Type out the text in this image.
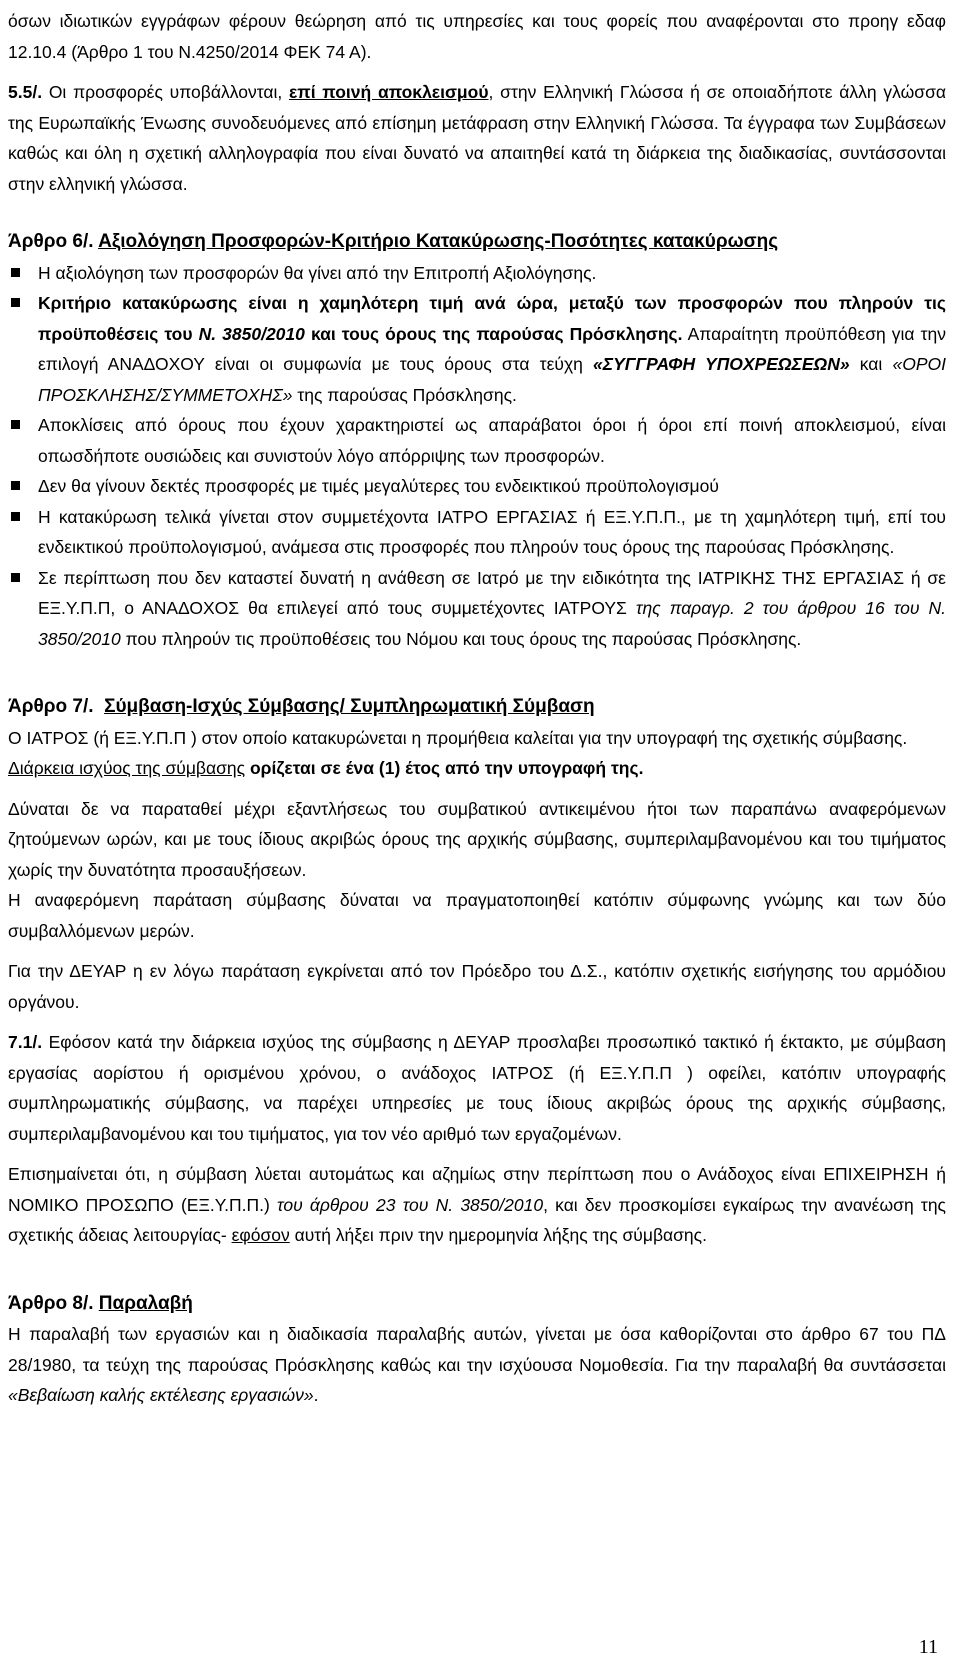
όσων ιδιωτικών εγγράφων φέρουν θεώρηση από τις υπηρεσίες και τους φορείς που αναφέρονται στο προηγ εδαφ 12.10.4 (Άρθρο 1 του Ν.4250/2014 ΦΕΚ 74 Α).

5.5/. Οι προσφορές υποβάλλονται, επί ποινή αποκλεισμού, στην Ελληνική Γλώσσα ή σε οποιαδήποτε άλλη γλώσσα της Ευρωπαϊκής Ένωσης συνοδευόμενες από επίσημη μετάφραση στην Ελληνική Γλώσσα. Τα έγγραφα των Συμβάσεων καθώς και όλη η σχετική αλληλογραφία που είναι δυνατό να απαιτηθεί κατά τη διάρκεια της διαδικασίας, συντάσσονται στην ελληνική γλώσσα.

Άρθρο 6/. Αξιολόγηση Προσφορών-Κριτήριο Κατακύρωσης-Ποσότητες κατακύρωσης

Η αξιολόγηση των προσφορών θα γίνει από την Επιτροπή Αξιολόγησης.
Κριτήριο κατακύρωσης είναι η χαμηλότερη τιμή ανά ώρα, μεταξύ των προσφορών που πληρούν τις προϋποθέσεις του Ν. 3850/2010 και τους όρους της παρούσας Πρόσκλησης. Απαραίτητη προϋπόθεση για την επιλογή ΑΝΑΔΟΧΟΥ είναι οι συμφωνία με τους όρους στα τεύχη «ΣΥΓΓΡΑΦΗ ΥΠΟΧΡΕΩΣΕΩΝ» και «ΟΡΟΙ ΠΡΟΣΚΛΗΣΗΣ/ΣΥΜΜΕΤΟΧΗΣ» της παρούσας Πρόσκλησης.
Αποκλίσεις από όρους που έχουν χαρακτηριστεί ως απαράβατοι όροι ή όροι επί ποινή αποκλεισμού, είναι οπωσδήποτε ουσιώδεις και συνιστούν λόγο απόρριψης των προσφορών.
Δεν θα γίνουν δεκτές προσφορές με τιμές μεγαλύτερες του ενδεικτικού προϋπολογισμού
Η κατακύρωση τελικά γίνεται στον συμμετέχοντα ΙΑΤΡΟ ΕΡΓΑΣΙΑΣ ή ΕΞ.Υ.Π.Π., με τη χαμηλότερη τιμή, επί του ενδεικτικού προϋπολογισμού, ανάμεσα στις προσφορές που πληρούν τους όρους της παρούσας Πρόσκλησης.
Σε περίπτωση που δεν καταστεί δυνατή η ανάθεση σε Ιατρό με την ειδικότητα της ΙΑΤΡΙΚΗΣ ΤΗΣ ΕΡΓΑΣΙΑΣ ή σε ΕΞ.Υ.Π.Π, ο ΑΝΑΔΟΧΟΣ θα επιλεγεί από τους συμμετέχοντες ΙΑΤΡΟΥΣ της παραγρ. 2 του άρθρου 16 του Ν. 3850/2010 που πληρούν τις προϋποθέσεις του Νόμου και τους όρους της παρούσας Πρόσκλησης.

Άρθρο 7/. Σύμβαση-Ισχύς Σύμβασης/ Συμπληρωματική Σύμβαση

Ο ΙΑΤΡΟΣ (ή ΕΞ.Υ.Π.Π ) στον οποίο κατακυρώνεται η προμήθεια καλείται για την υπογραφή της σχετικής σύμβασης.

Διάρκεια ισχύος της σύμβασης ορίζεται σε ένα (1) έτος από την υπογραφή της.

Δύναται δε να παραταθεί μέχρι εξαντλήσεως του συμβατικού αντικειμένου ήτοι των παραπάνω αναφερόμενων ζητούμενων ωρών, και με τους ίδιους ακριβώς όρους της αρχικής σύμβασης, συμπεριλαμβανομένου και του τιμήματος χωρίς την δυνατότητα προσαυξήσεων.

Η αναφερόμενη παράταση σύμβασης δύναται να πραγματοποιηθεί κατόπιν σύμφωνης γνώμης και των δύο συμβαλλόμενων μερών.

Για την ΔΕΥΑΡ η εν λόγω παράταση εγκρίνεται από τον Πρόεδρο του Δ.Σ., κατόπιν σχετικής εισήγησης του αρμόδιου οργάνου.

7.1/. Εφόσον κατά την διάρκεια ισχύος της σύμβασης η ΔΕΥΑΡ προσλαβει προσωπικό τακτικό ή έκτακτο, με σύμβαση εργασίας αορίστου ή ορισμένου χρόνου, ο ανάδοχος ΙΑΤΡΟΣ (ή ΕΞ.Υ.Π.Π ) οφείλει, κατόπιν υπογραφής συμπληρωματικής σύμβασης, να παρέχει υπηρεσίες με τους ίδιους ακριβώς όρους της αρχικής σύμβασης, συμπεριλαμβανομένου και του τιμήματος, για τον νέο αριθμό των εργαζομένων.

Επισημαίνεται ότι, η σύμβαση λύεται αυτομάτως και αζημίως στην περίπτωση που ο Ανάδοχος είναι ΕΠΙΧΕΙΡΗΣΗ ή ΝΟΜΙΚΟ ΠΡΟΣΩΠΟ (ΕΞ.Υ.Π.Π.) του άρθρου 23 του Ν. 3850/2010, και δεν προσκομίσει εγκαίρως την ανανέωση της σχετικής άδειας λειτουργίας- εφόσον αυτή λήξει πριν την ημερομηνία λήξης της σύμβασης.

Άρθρο 8/. Παραλαβή

Η παραλαβή των εργασιών και η διαδικασία παραλαβής αυτών, γίνεται με όσα καθορίζονται στο άρθρο 67 του ΠΔ 28/1980, τα τεύχη της παρούσας Πρόσκλησης καθώς και την ισχύουσα Νομοθεσία. Για την παραλαβή θα συντάσσεται «Βεβαίωση καλής εκτέλεσης εργασιών».

11
